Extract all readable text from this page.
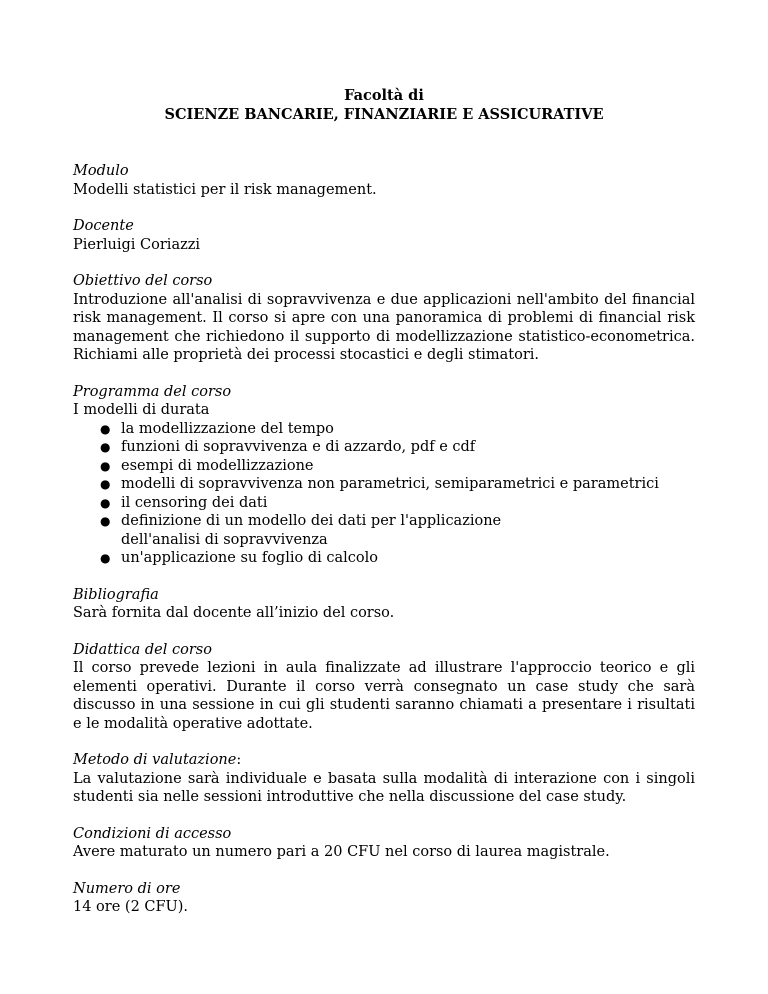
Facoltà di
SCIENZE BANCARIE, FINANZIARIE E ASSICURATIVE

Modulo

Modelli statistici per il risk management.

Docente

Pierluigi Coriazzi

Obiettivo del corso

Introduzione all'analisi di sopravvivenza e due applicazioni nell'ambito del financial risk management. Il corso si apre con una panoramica di problemi di financial risk management che richiedono il supporto di modellizzazione statistico-econometrica. Richiami alle proprietà dei processi stocastici e degli stimatori.

Programma del corso

I modelli di durata

● la modellizzazione del tempo
● funzioni di sopravvivenza e di azzardo, pdf e cdf
● esempi di modellizzazione
● modelli di sopravvivenza non parametrici, semiparametrici e parametrici
● il censoring dei dati
● definizione di un modello dei dati per l'applicazione dell'analisi di sopravvivenza
● un'applicazione su foglio di calcolo

Bibliografia

Sarà fornita dal docente all’inizio del corso.

Didattica del corso

Il corso prevede lezioni in aula finalizzate ad illustrare l'approccio teorico e gli elementi operativi. Durante il corso verrà consegnato un case study che sarà discusso in una sessione in cui gli studenti saranno chiamati a presentare i risultati e le modalità operative adottate.

Metodo di valutazione:

La valutazione sarà individuale e basata sulla modalità di interazione con i singoli studenti sia nelle sessioni introduttive che nella discussione del case study.

Condizioni di accesso

Avere maturato un numero pari a 20 CFU nel corso di laurea magistrale.

Numero di ore

14 ore (2 CFU).
